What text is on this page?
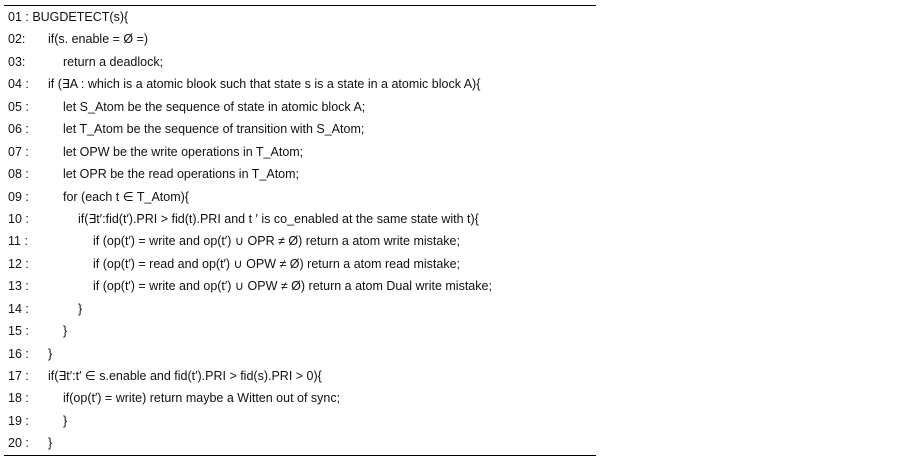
01 : BUGDETECT(s){
02: if(s. enable = Ø =)
03:	return a deadlock;
04 : if (∃A : which is a atomic blook such that state s is a state in a atomic block A){
05 :	let S_Atom be the sequence of state in atomic block A;
06 :	let T_Atom be the sequence of transition with S_Atom;
07 :	let OPW be the write operations in T_Atom;
08 :	let OPR be the read operations in T_Atom;
09 :	for (each t ∈ T_Atom){
10 :	if(∃t′:fid(t′).PRI > fid(t).PRI and t ′ is co_enabled at the same state with t){
11 :	if (op(t′) = write and op(t′) ∪ OPR ≠ Ø) return a atom write mistake;
12 :	if (op(t′) = read and op(t′) ∪ OPW ≠ Ø) return a atom read mistake;
13 :	if (op(t′) = write and op(t′) ∪ OPW ≠ Ø) return a atom Dual write mistake;
14 :	}
15 :	}
16 : }
17 : if(∃t′:t′ ∈ s.enable and fid(t′).PRI > fid(s).PRI > 0){
18 :	if(op(t′) = write) return maybe a Witten out of sync;
19 :	}
20 : }
